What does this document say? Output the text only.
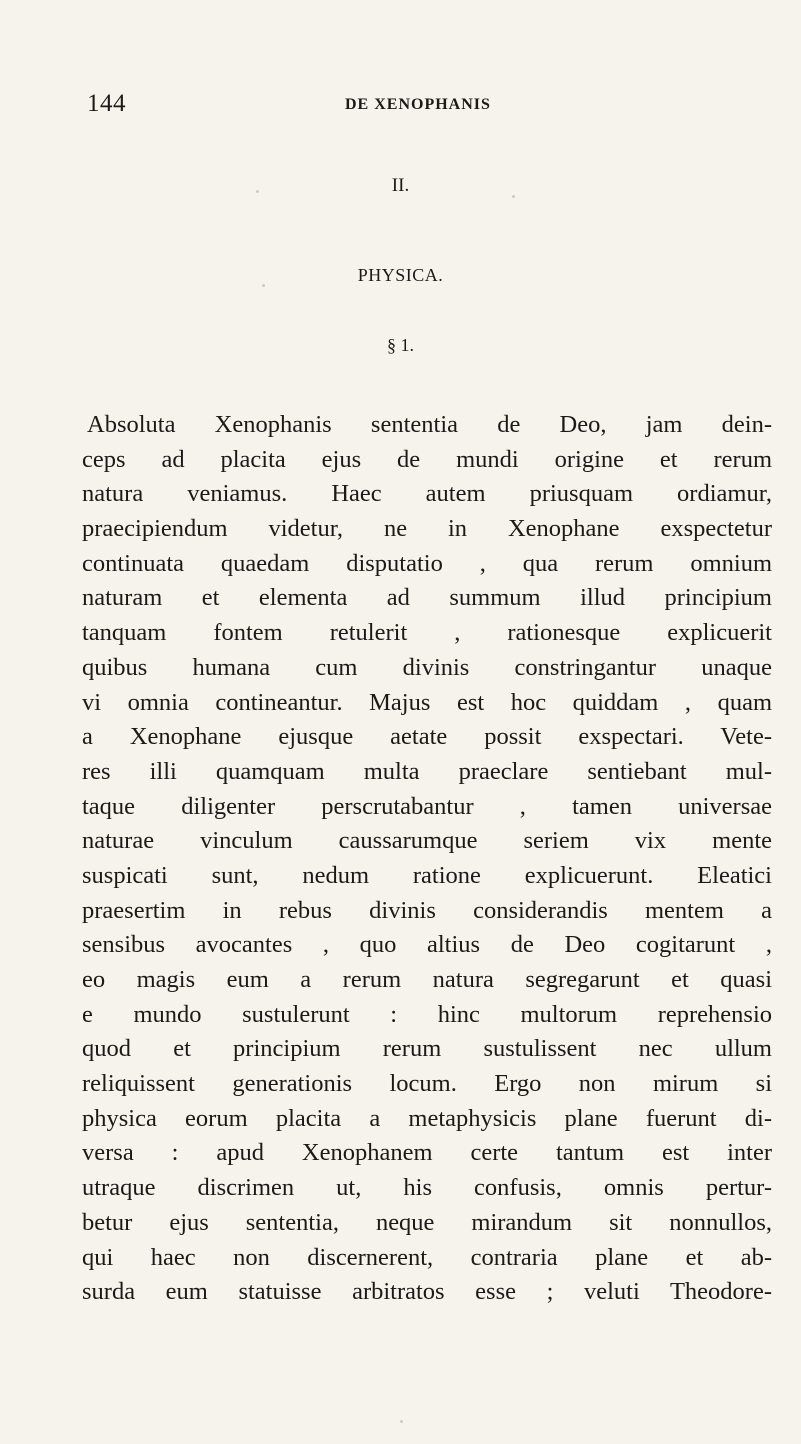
144	DE XENOPHANIS
II.
PHYSICA.
§ 1.
Absoluta Xenophanis sententia de Deo, jam dein-
ceps ad placita ejus de mundi origine et rerum
natura veniamus. Haec autem priusquam ordiamur,
praecipiendum videtur, ne in Xenophane exspectetur
continuata quaedam disputatio , qua rerum omnium
naturam et elementa ad summum illud principium
tanquam fontem retulerit , rationesque explicuerit
quibus humana cum divinis constringantur unaque
vi omnia contineantur. Majus est hoc quiddam , quam
a Xenophane ejusque aetate possit exspectari. Vete-
res illi quamquam multa praeclare sentiebant mul-
taque diligenter perscrutabantur , tamen universae
naturae vinculum caussarumque seriem vix mente
suspicati sunt, nedum ratione explicuerunt. Eleatici
praesertim in rebus divinis considerandis mentem a
sensibus avocantes , quo altius de Deo cogitarunt ,
eo magis eum a rerum natura segregarunt et quasi
e mundo sustulerunt : hinc multorum reprehensio
quod et principium rerum sustulissent nec ullum
reliquissent generationis locum. Ergo non mirum si
physica eorum placita a metaphysicis plane fuerunt di-
versa : apud Xenophanem certe tantum est inter
utraque discrimen ut, his confusis, omnis pertur-
betur ejus sententia, neque mirandum sit nonnullos,
qui haec non discernerent, contraria plane et ab-
surda eum statuisse arbitratos esse ; veluti Theodore-
